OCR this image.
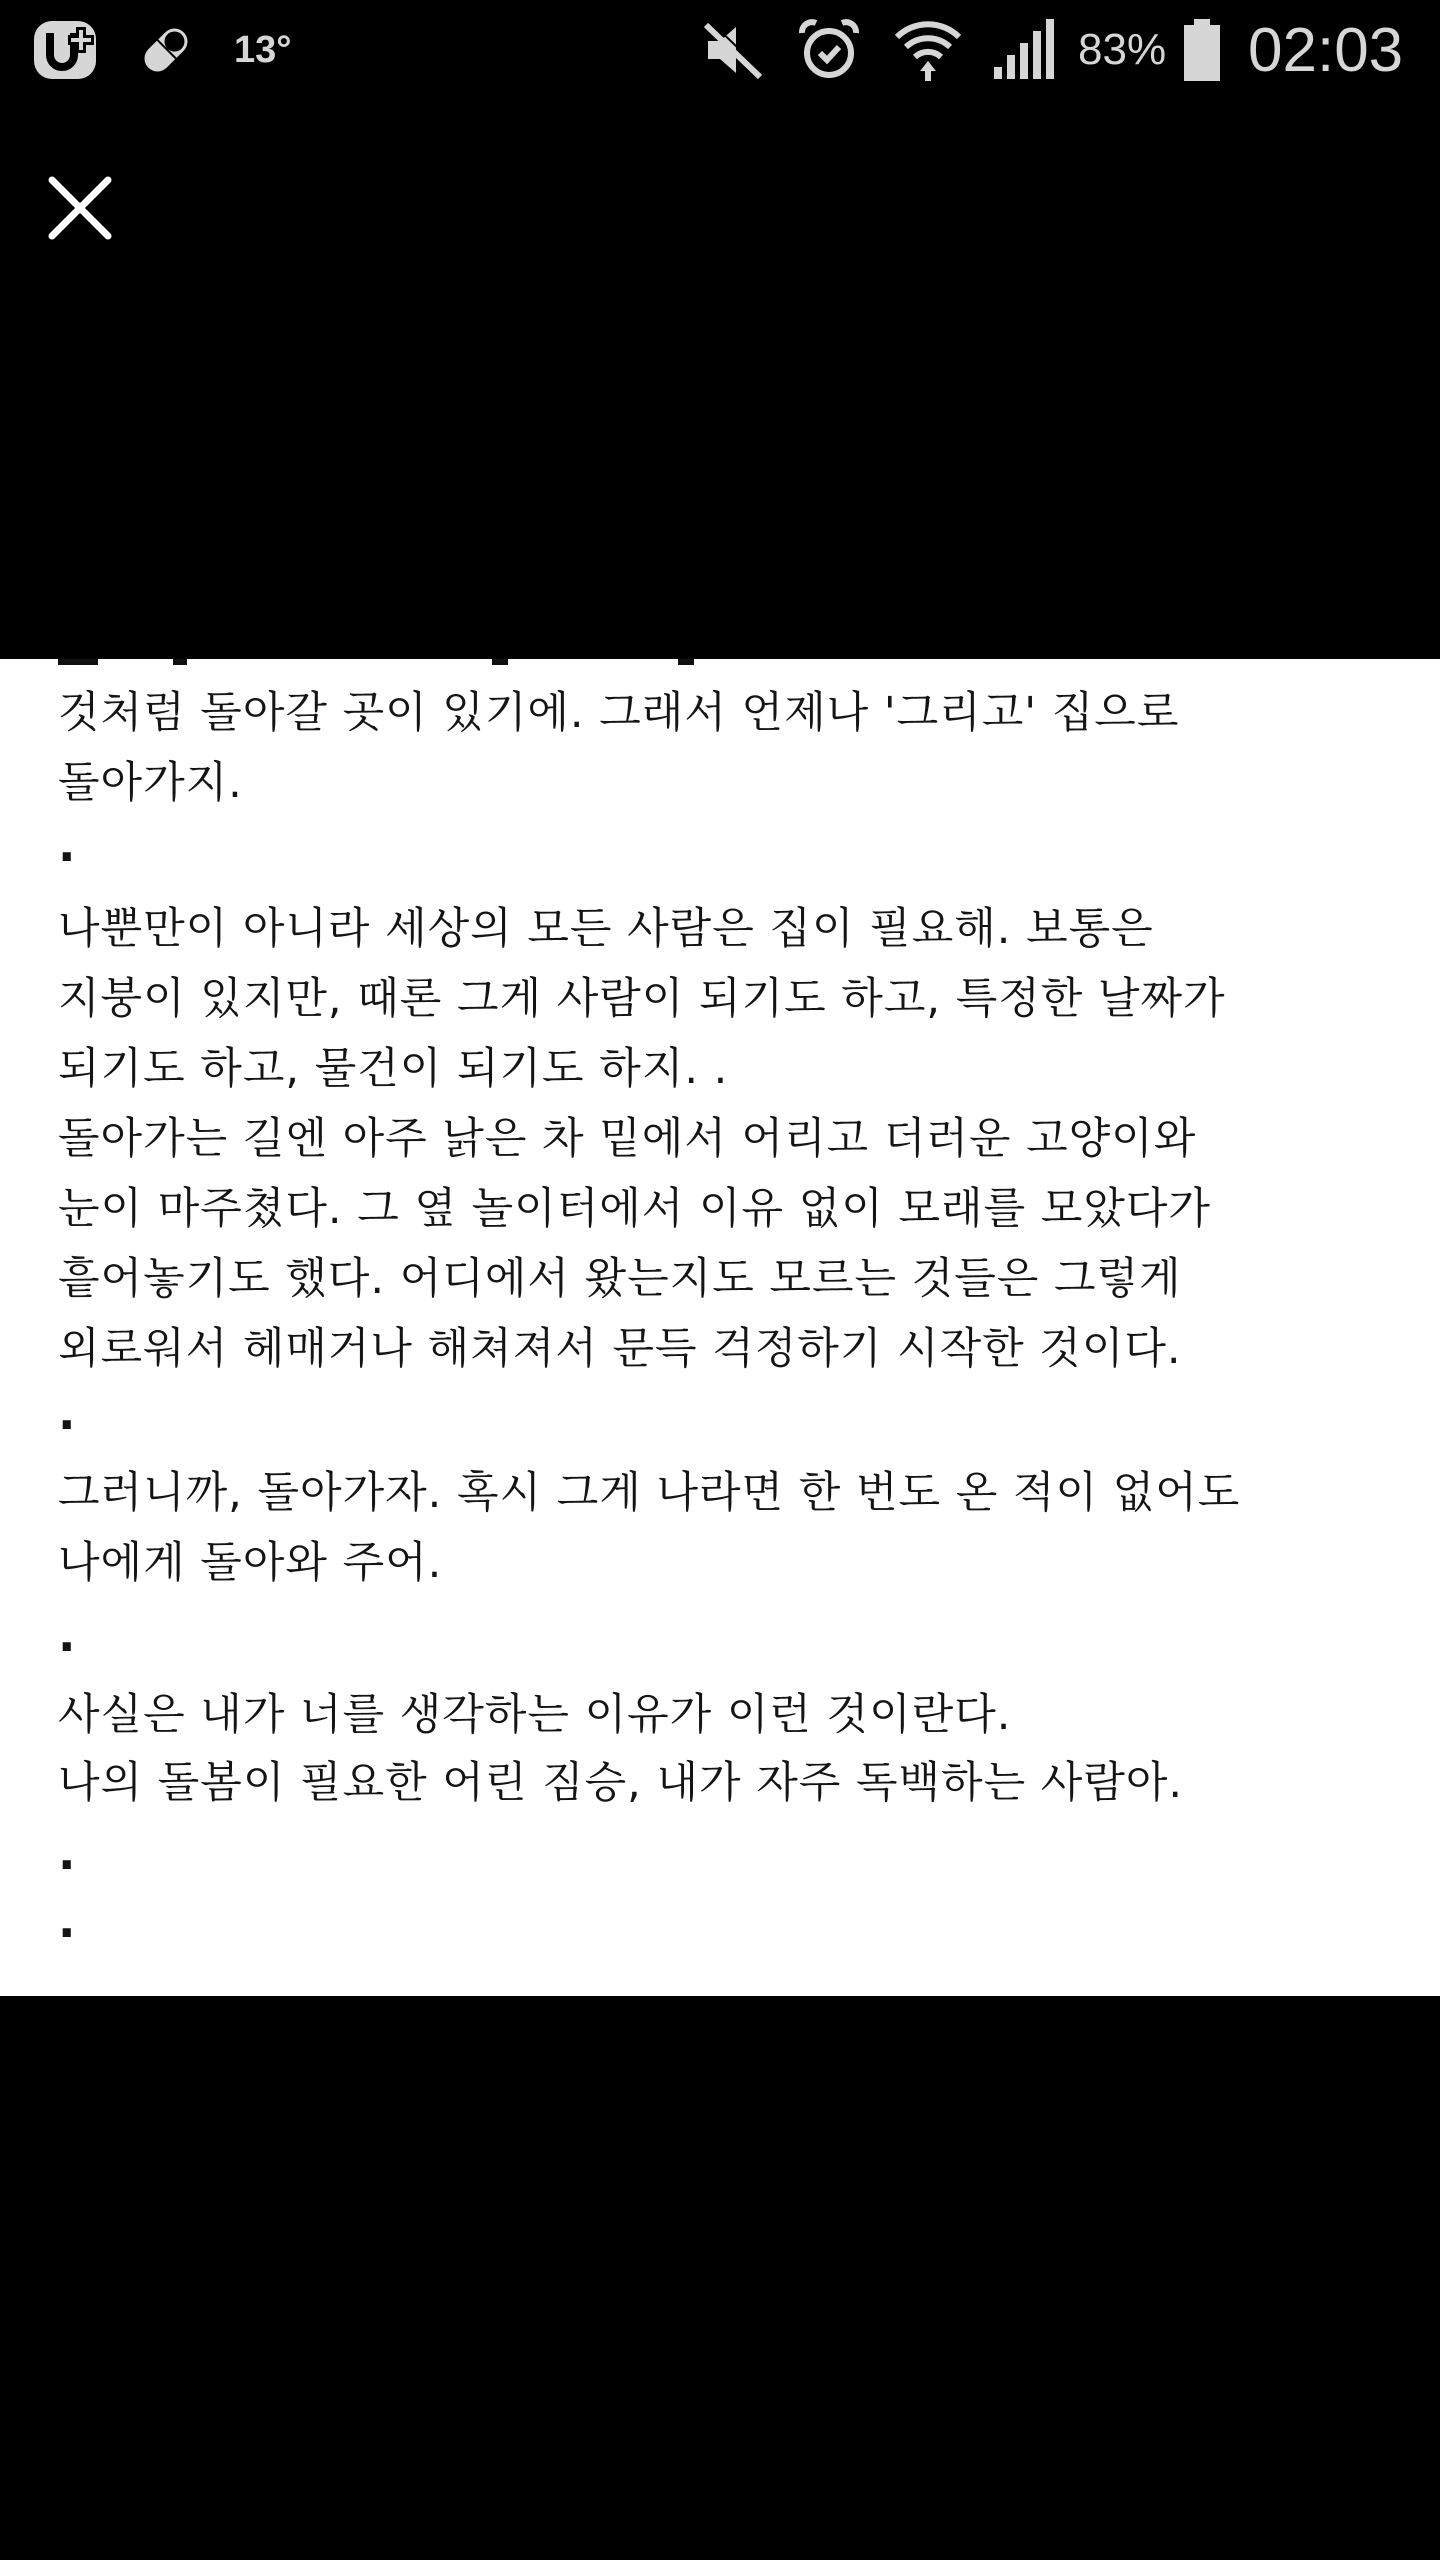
13°	83% 02:03

것처럼 돌아갈 곳이 있기에. 그래서 언제나 '그리고' 집으로
돌아가지.
.
나뿐만이 아니라 세상의 모든 사람은 집이 필요해. 보통은
지붕이 있지만, 때론 그게 사람이 되기도 하고, 특정한 날짜가
되기도 하고, 물건이 되기도 하지. .
돌아가는 길엔 아주 낡은 차 밑에서 어리고 더러운 고양이와
눈이 마주쳤다. 그 옆 놀이터에서 이유 없이 모래를 모았다가
흩어놓기도 했다. 어디에서 왔는지도 모르는 것들은 그렇게
외로워서 헤매거나 해쳐져서 문득 걱정하기 시작한 것이다.
.
그러니까, 돌아가자. 혹시 그게 나라면 한 번도 온 적이 없어도
나에게 돌아와 주어.
.
사실은 내가 너를 생각하는 이유가 이런 것이란다.
나의 돌봄이 필요한 어린 짐승, 내가 자주 독백하는 사람아.
.
.
